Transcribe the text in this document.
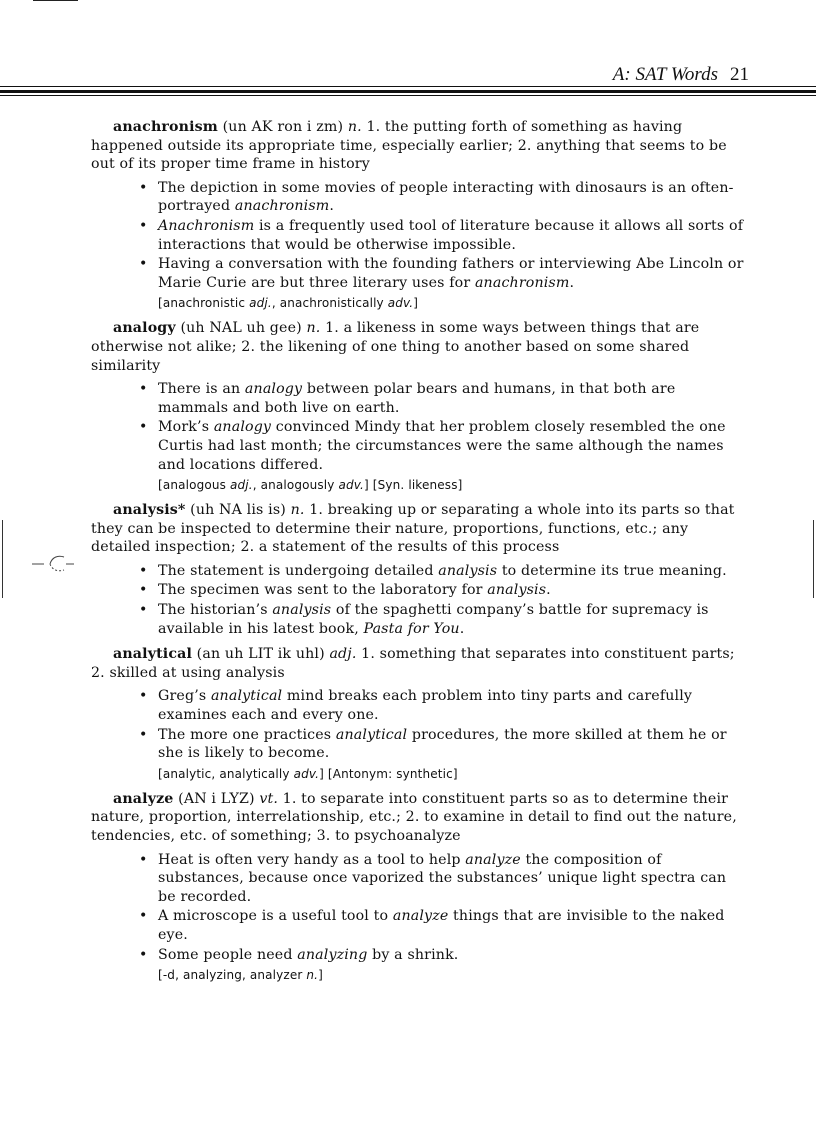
A: SAT Words 21

anachronism (un AK ron i zm) n. 1. the putting forth of something as having happened outside its appropriate time, especially earlier; 2. anything that seems to be out of its proper time frame in history

• The depiction in some movies of people interacting with dinosaurs is an often-portrayed anachronism.
• Anachronism is a frequently used tool of literature because it allows all sorts of interactions that would be otherwise impossible.
• Having a conversation with the founding fathers or interviewing Abe Lincoln or Marie Curie are but three literary uses for anachronism.
[anachronistic adj., anachronistically adv.]

analogy (uh NAL uh gee) n. 1. a likeness in some ways between things that are otherwise not alike; 2. the likening of one thing to another based on some shared similarity

• There is an analogy between polar bears and humans, in that both are mammals and both live on earth.
• Mork’s analogy convinced Mindy that her problem closely resembled the one Curtis had last month; the circumstances were the same although the names and locations differed.
[analogous adj., analogously adv.] [Syn. likeness]

analysis* (uh NA lis is) n. 1. breaking up or separating a whole into its parts so that they can be inspected to determine their nature, proportions, functions, etc.; any detailed inspection; 2. a statement of the results of this process

• The statement is undergoing detailed analysis to determine its true meaning.
• The specimen was sent to the laboratory for analysis.
• The historian’s analysis of the spaghetti company’s battle for supremacy is available in his latest book, Pasta for You.

analytical (an uh LIT ik uhl) adj. 1. something that separates into constituent parts; 2. skilled at using analysis

• Greg’s analytical mind breaks each problem into tiny parts and carefully examines each and every one.
• The more one practices analytical procedures, the more skilled at them he or she is likely to become.
[analytic, analytically adv.] [Antonym: synthetic]

analyze (AN i LYZ) vt. 1. to separate into constituent parts so as to determine their nature, proportion, interrelationship, etc.; 2. to examine in detail to find out the nature, tendencies, etc. of something; 3. to psychoanalyze

• Heat is often very handy as a tool to help analyze the composition of substances, because once vaporized the substances’ unique light spectra can be recorded.
• A microscope is a useful tool to analyze things that are invisible to the naked eye.
• Some people need analyzing by a shrink.
[-d, analyzing, analyzer n.]
